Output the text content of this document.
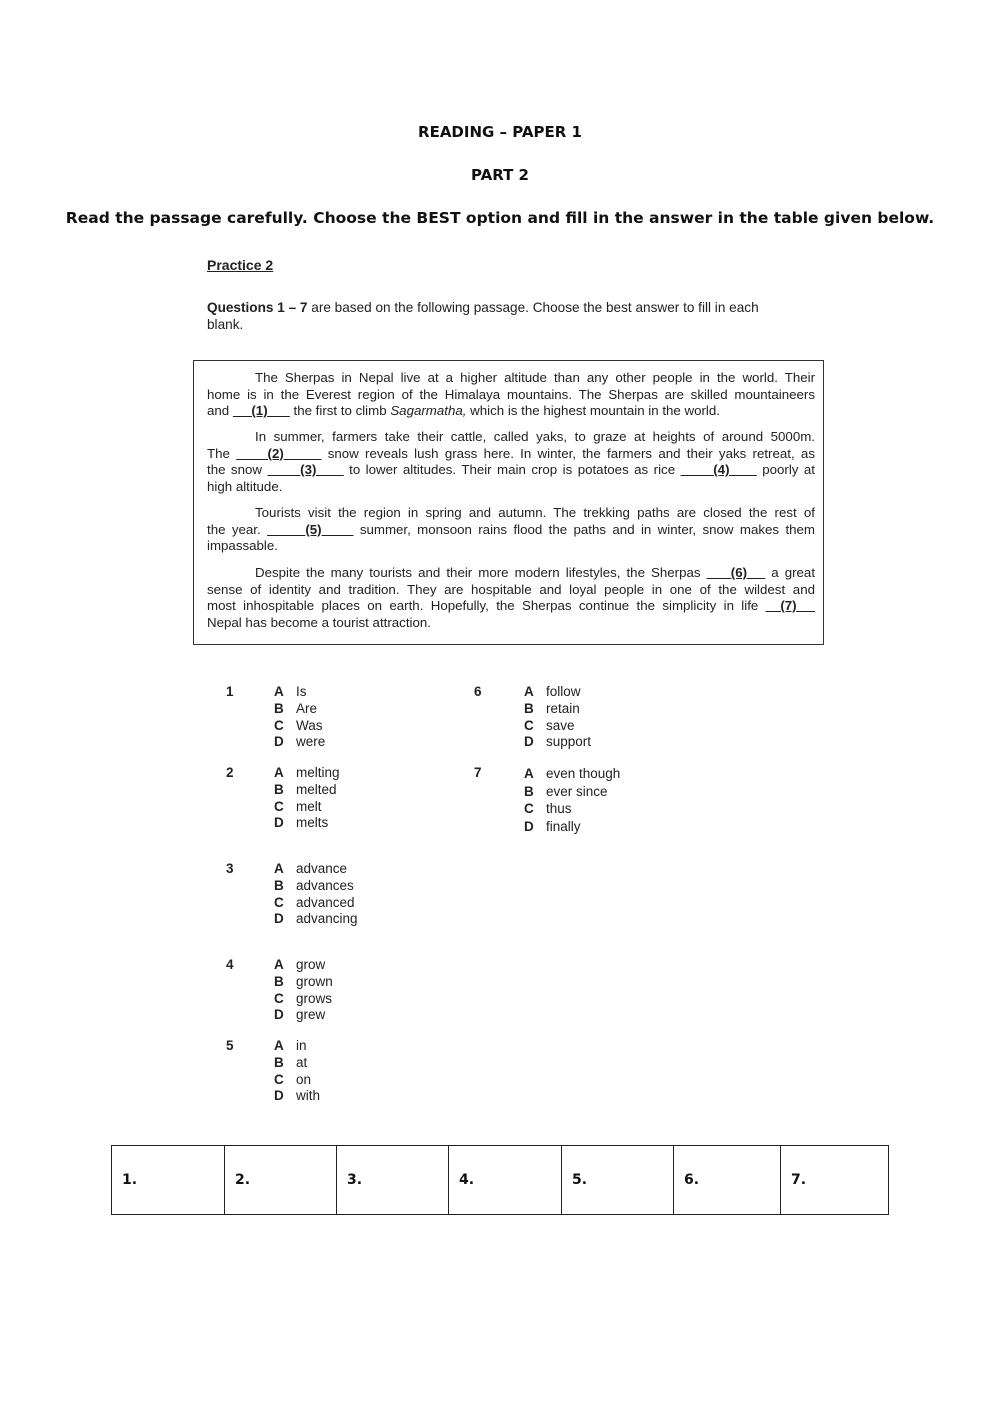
READING – PAPER 1
PART 2
Read the passage carefully. Choose the BEST option and fill in the answer in the table given below.
Practice 2
Questions 1 – 7 are based on the following passage. Choose the best answer to fill in each
blank.
The Sherpas in Nepal live at a higher altitude than any other people in the world. Their
home is in the Everest region of the Himalaya mountains. The Sherpas are skilled mountaineers
and      (1)       the first to climb Sagarmatha, which is the highest mountain in the world.
In summer, farmers take their cattle, called yaks, to graze at heights of around 5000m.
The      (2)	snow reveals lush grass here. In winter, the farmers and their yaks retreat, as
the snow       (3)      to lower altitudes. Their main crop is potatoes as rice       (4)      poorly at
high altitude.
Tourists visit the region in spring and autumn. The trekking paths are closed the rest of
the year.	(5)      summer, monsoon rains flood the paths and in winter, snow makes them
impassable.
Despite the many tourists and their more modern lifestyles, the Sherpas     (6)    a great
sense of identity and tradition. They are hospitable and loyal people in one of the wildest and
most inhospitable places on earth. Hopefully, the Sherpas continue the simplicity in life   (7)
Nepal has become a tourist attraction.
1	A Is
B Are
C Was
D were
2	A melting
B melted
C melt
D melts
3	A advance
B advances
C advanced
D advancing
4	A grow
B grown
C grows
D grew
5	A in
B at
C on
D with
6	A follow
B retain
C save
D support
7	A even though
B ever since
C thus
D finally
1.	2.	3.	4.	5.	6.	7.
